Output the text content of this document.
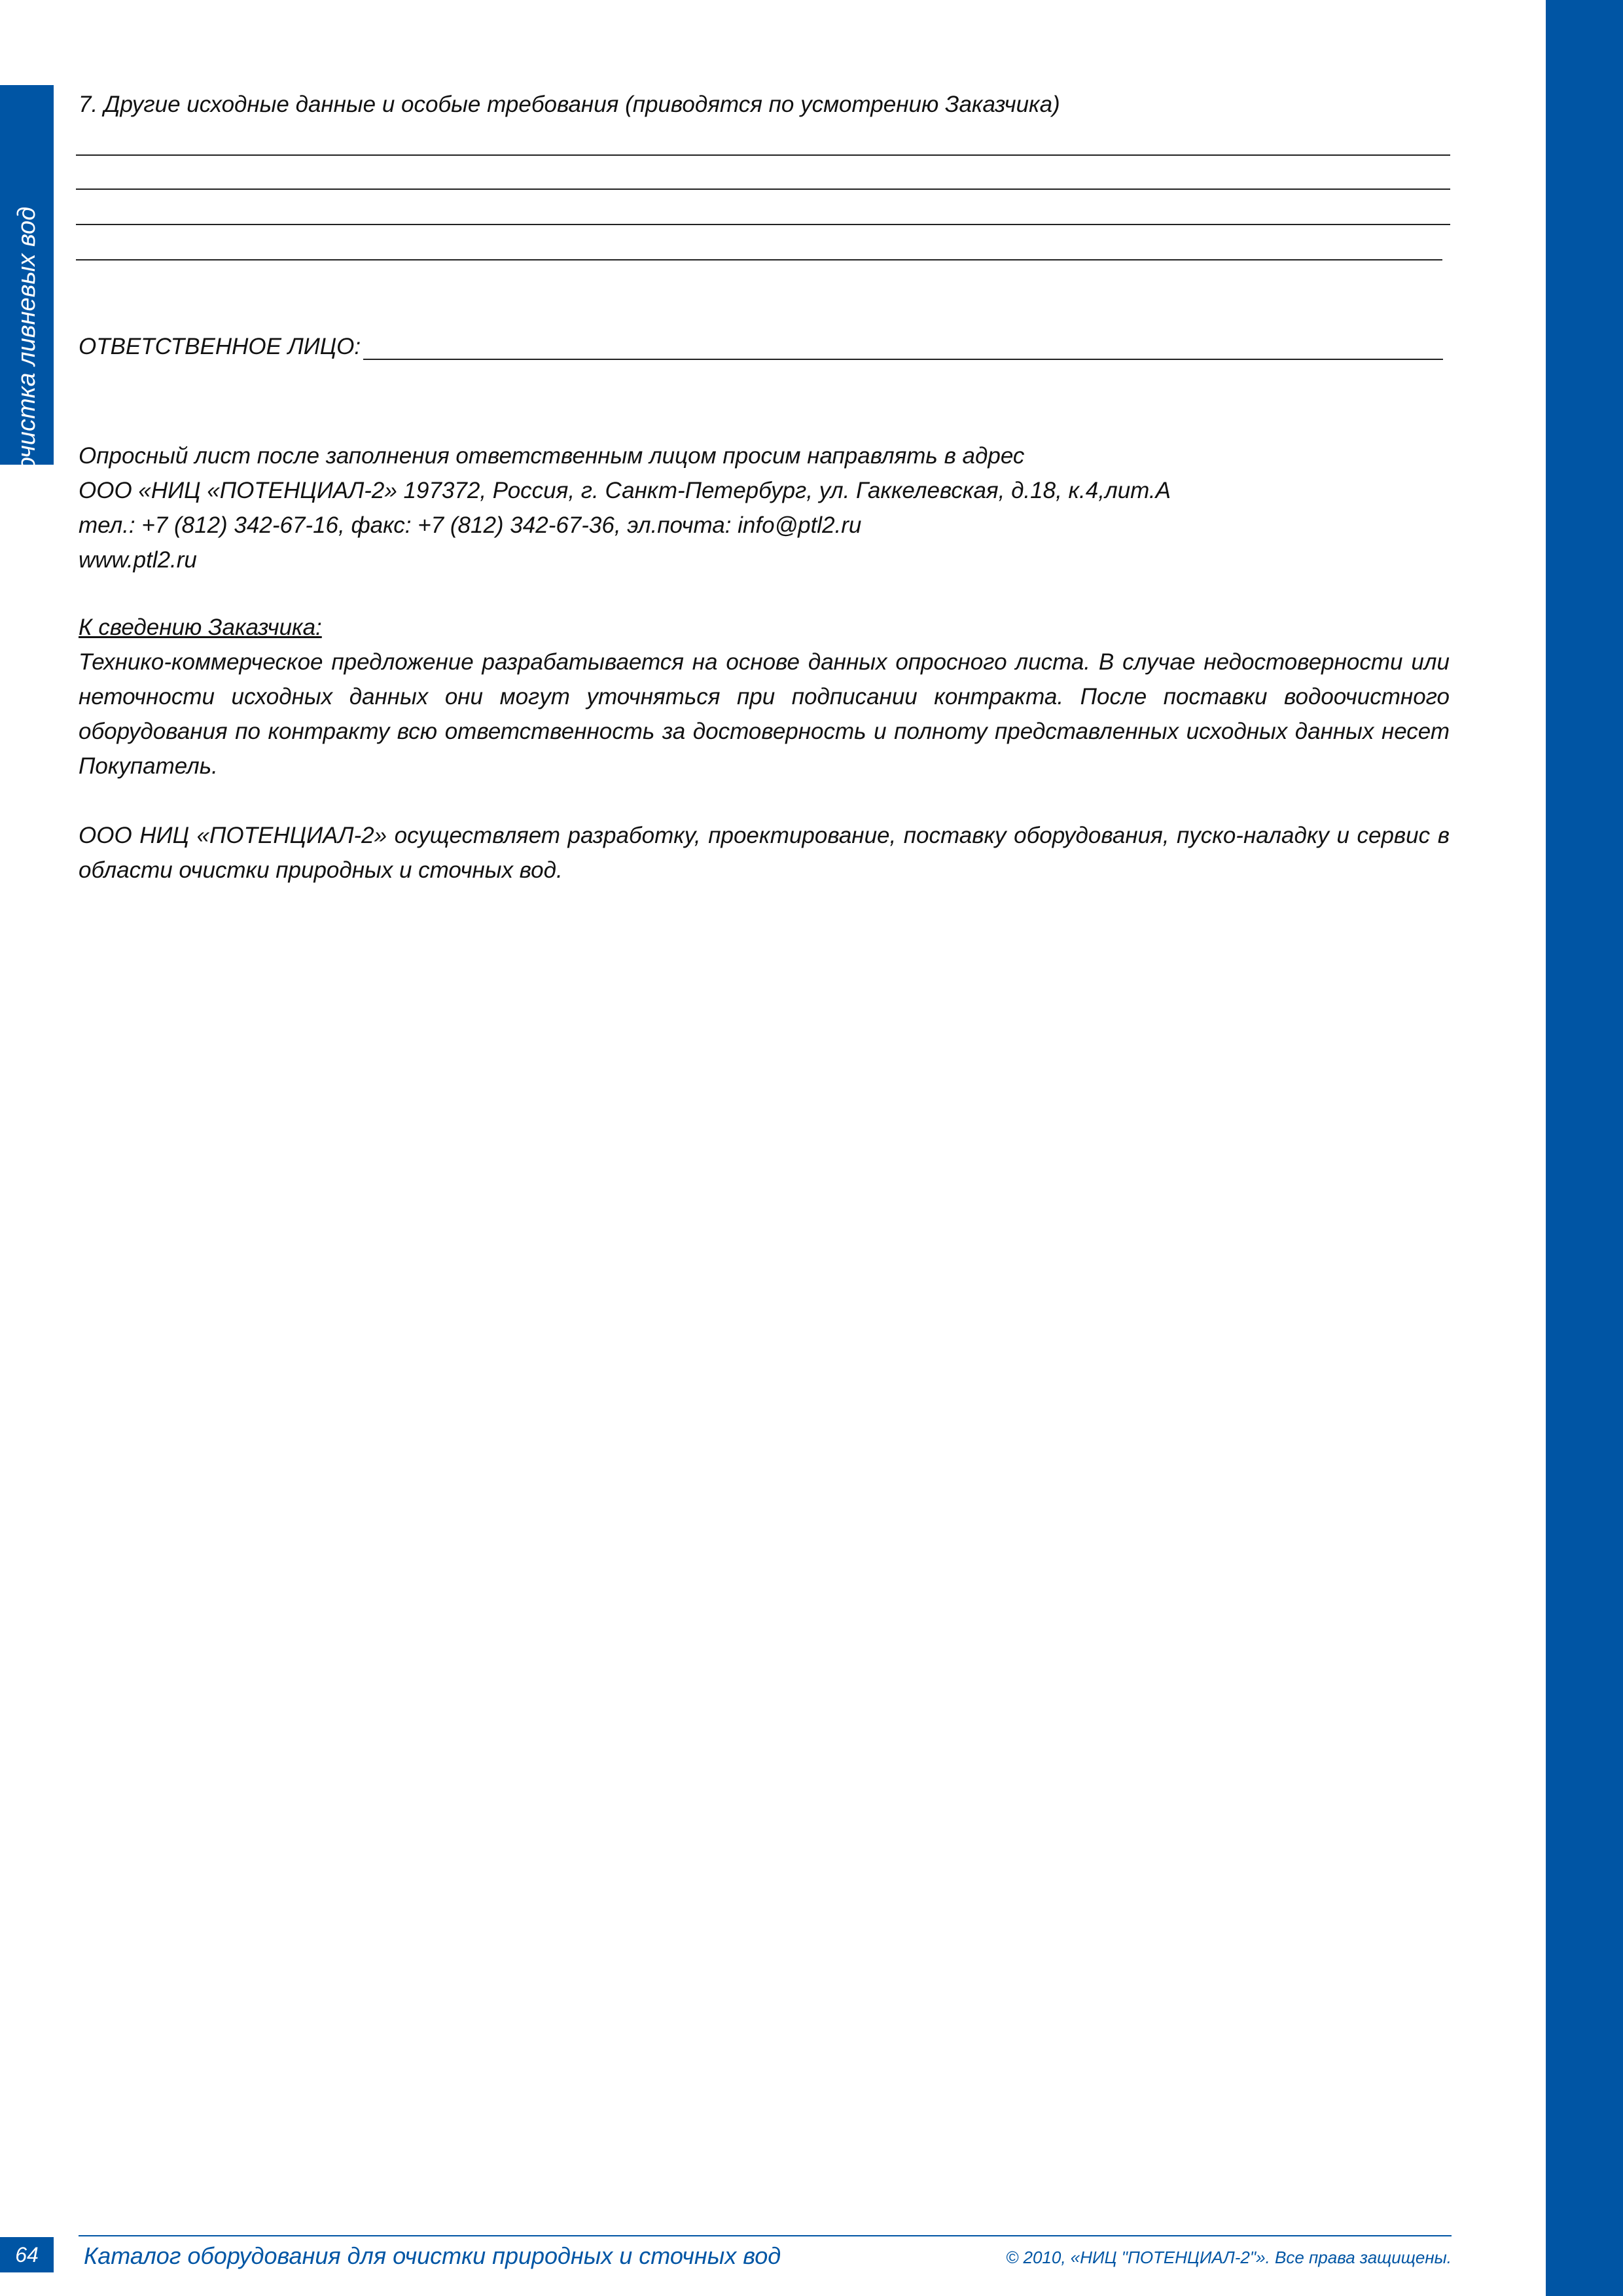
ОЛ очистка ливневых вод
7. Другие исходные данные и особые требования (приводятся по усмотрению Заказчика)
ОТВЕТСТВЕННОЕ ЛИЦО:
Опросный лист после заполнения ответственным лицом просим направлять в адрес
ООО «НИЦ «ПОТЕНЦИАЛ-2» 197372, Россия, г. Санкт-Петербург, ул. Гаккелевская, д.18, к.4,лит.А
тел.: +7 (812) 342-67-16, факс: +7 (812) 342-67-36, эл.почта: info@ptl2.ru
www.ptl2.ru
К сведению Заказчика:
Технико-коммерческое предложение разрабатывается на основе данных опросного листа. В случае недостоверности или неточности исходных данных они могут уточняться при подписании контракта. После поставки водоочистного оборудования по контракту всю ответственность за достоверность и полноту представленных исходных данных несет Покупатель.
ООО НИЦ «ПОТЕНЦИАЛ-2» осуществляет разработку, проектирование, поставку оборудования, пуско-наладку и сервис в области очистки природных и сточных вод.
64	Каталог оборудования для очистки природных и сточных вод	© 2010, «НИЦ "ПОТЕНЦИАЛ-2"». Все права защищены.
